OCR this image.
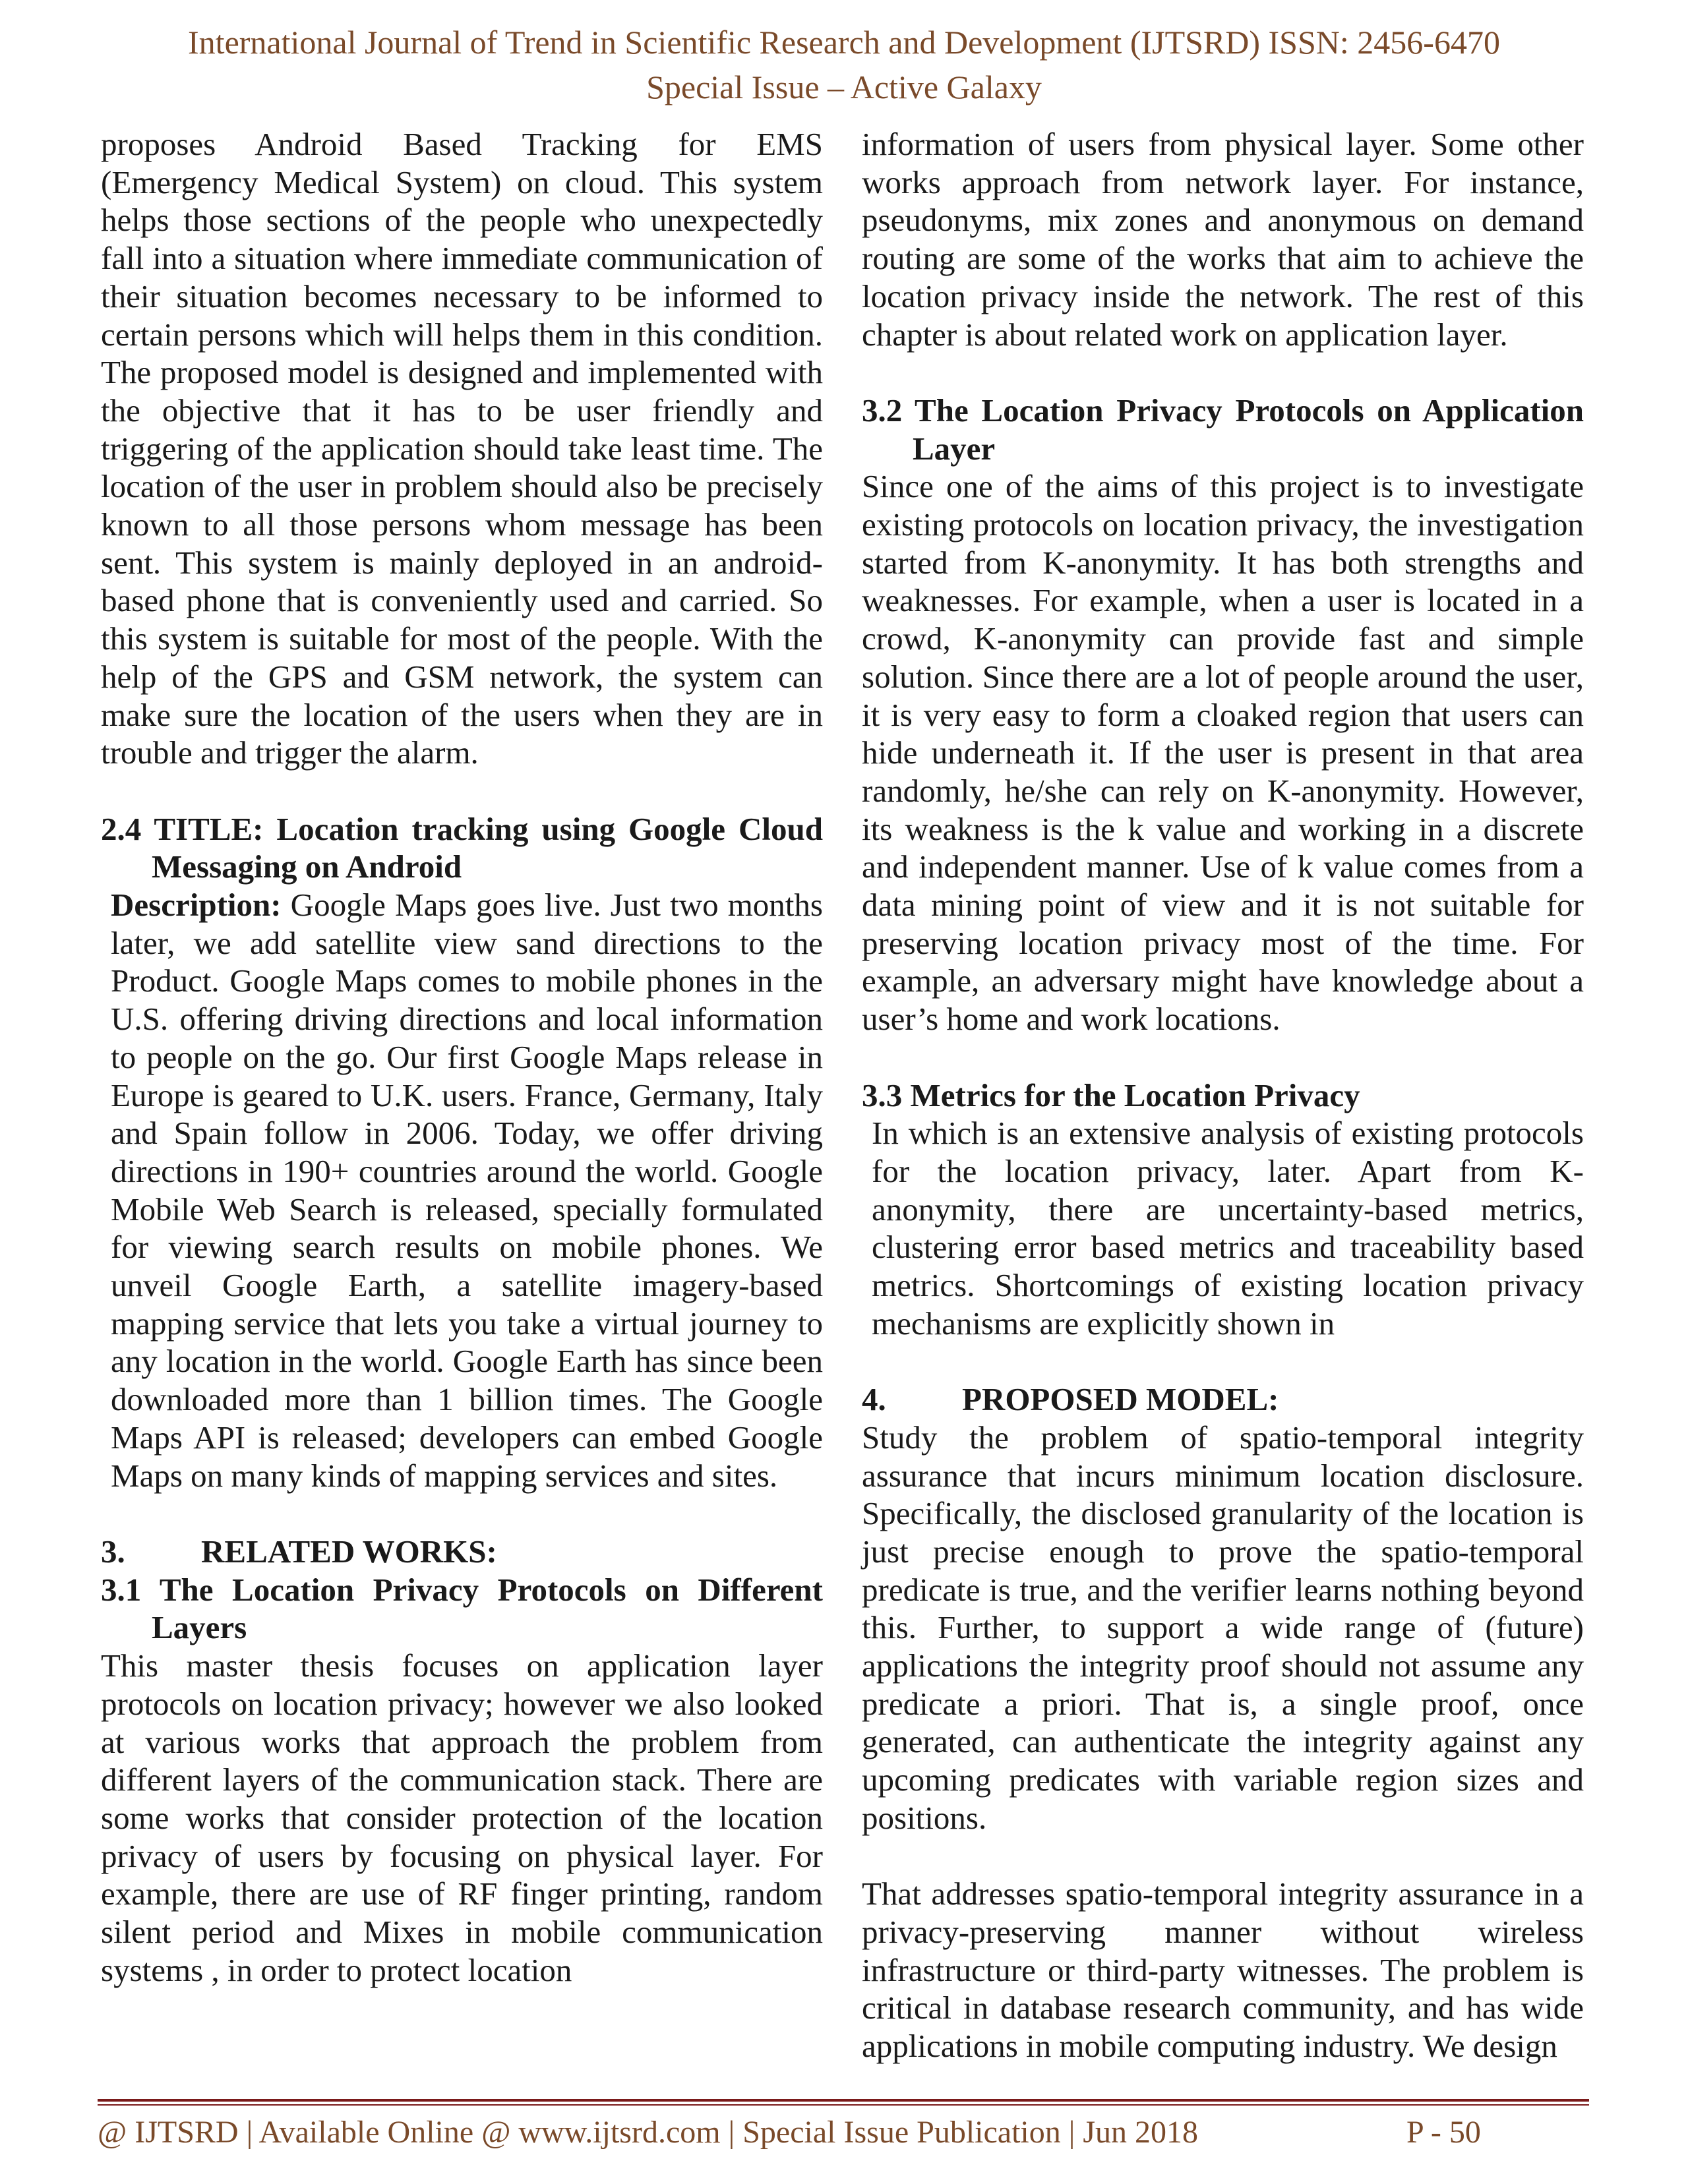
International Journal of Trend in Scientific Research and Development (IJTSRD) ISSN: 2456-6470
Special Issue – Active Galaxy

proposes Android Based Tracking for EMS (Emergency Medical System) on cloud. This system helps those sections of the people who unexpectedly fall into a situation where immediate communication of their situation becomes necessary to be informed to certain persons which will helps them in this condition. The proposed model is designed and implemented with the objective that it has to be user friendly and triggering of the application should take least time. The location of the user in problem should also be precisely known to all those persons whom message has been sent. This system is mainly deployed in an android-based phone that is conveniently used and carried. So this system is suitable for most of the people. With the help of the GPS and GSM network, the system can make sure the location of the users when they are in trouble and trigger the alarm.

2.4 TITLE: Location tracking using Google Cloud Messaging on Android

Description: Google Maps goes live. Just two months later, we add satellite view sand directions to the Product. Google Maps comes to mobile phones in the U.S. offering driving directions and local information to people on the go. Our first Google Maps release in Europe is geared to U.K. users. France, Germany, Italy and Spain follow in 2006. Today, we offer driving directions in 190+ countries around the world. Google Mobile Web Search is released, specially formulated for viewing search results on mobile phones. We unveil Google Earth, a satellite imagery-based mapping service that lets you take a virtual journey to any location in the world. Google Earth has since been downloaded more than 1 billion times. The Google Maps API is released; developers can embed Google Maps on many kinds of mapping services and sites.

3. RELATED WORKS:

3.1 The Location Privacy Protocols on Different Layers

This master thesis focuses on application layer protocols on location privacy; however we also looked at various works that approach the problem from different layers of the communication stack. There are some works that consider protection of the location privacy of users by focusing on physical layer. For example, there are use of RF finger printing, random silent period and Mixes in mobile communication systems , in order to protect location

information of users from physical layer. Some other works approach from network layer. For instance, pseudonyms, mix zones and anonymous on demand routing are some of the works that aim to achieve the location privacy inside the network. The rest of this chapter is about related work on application layer.

3.2 The Location Privacy Protocols on Application Layer

Since one of the aims of this project is to investigate existing protocols on location privacy, the investigation started from K-anonymity. It has both strengths and weaknesses. For example, when a user is located in a crowd, K-anonymity can provide fast and simple solution. Since there are a lot of people around the user, it is very easy to form a cloaked region that users can hide underneath it. If the user is present in that area randomly, he/she can rely on K-anonymity. However, its weakness is the k value and working in a discrete and independent manner. Use of k value comes from a data mining point of view and it is not suitable for preserving location privacy most of the time. For example, an adversary might have knowledge about a user’s home and work locations.

3.3 Metrics for the Location Privacy

In which is an extensive analysis of existing protocols for the location privacy, later. Apart from K-anonymity, there are uncertainty-based metrics, clustering error based metrics and traceability based metrics. Shortcomings of existing location privacy mechanisms are explicitly shown in

4. PROPOSED MODEL:

Study the problem of spatio-temporal integrity assurance that incurs minimum location disclosure. Specifically, the disclosed granularity of the location is just precise enough to prove the spatio-temporal predicate is true, and the verifier learns nothing beyond this. Further, to support a wide range of (future) applications the integrity proof should not assume any predicate a priori. That is, a single proof, once generated, can authenticate the integrity against any upcoming predicates with variable region sizes and positions.

That addresses spatio-temporal integrity assurance in a privacy-preserving manner without wireless infrastructure or third-party witnesses. The problem is critical in database research community, and has wide applications in mobile computing industry. We design

@ IJTSRD | Available Online @ www.ijtsrd.com | Special Issue Publication | Jun 2018	P - 50
